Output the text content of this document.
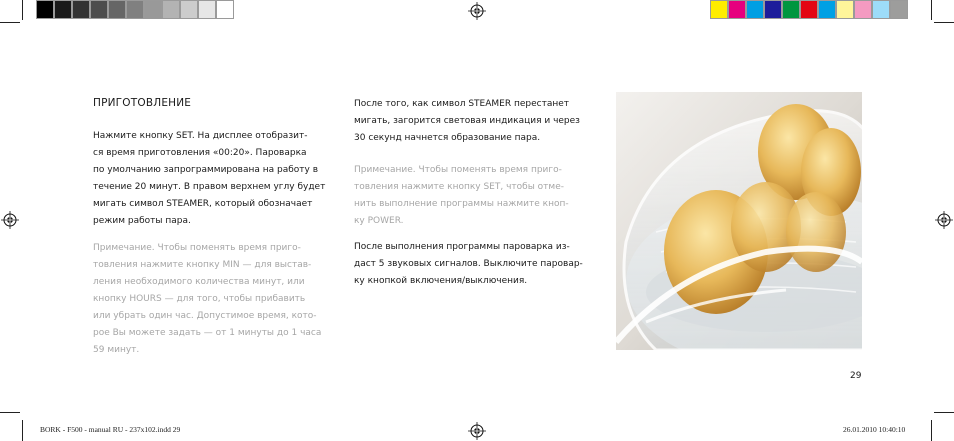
ПРИГОТОВЛЕНИЕ
Нажмите кнопку SET. На дисплее отобразит-
ся время приготовления «00:20». Пароварка
по умолчанию запрограммирована на работу в
течение 20 минут. В правом верхнем углу будет
мигать символ STEAMER, который обозначает
режим работы пара.
Примечание. Чтобы поменять время приго-
товления нажмите кнопку MIN — для выстав-
ления необходимого количества минут, или
кнопку HOURS — для того, чтобы прибавить
или убрать один час. Допустимое время, кото-
рое Вы можете задать — от 1 минуты до 1 часа
59 минут.
После того, как символ STEAMER перестанет
мигать, загорится световая индикация и через
30 секунд начнется образование пара.
Примечание. Чтобы поменять время приго-
товления нажмите кнопку SET, чтобы отме-
нить выполнение программы нажмите кноп-
ку POWER.
После выполнения программы пароварка из-
даст 5 звуковых сигналов. Выключите паровар-
ку кнопкой включения/выключения.
29
BORK - F500 - manual RU - 237x102.indd 29	26.01.2010 10:40:10
